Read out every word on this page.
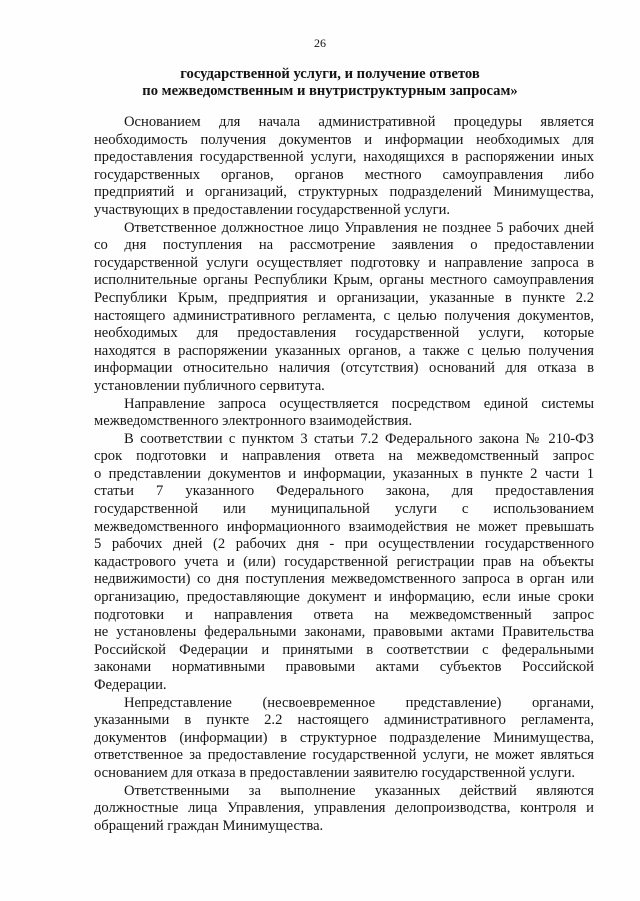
26
государственной услуги, и получение ответов
по межведомственным и внутриструктурным запросам»
Основанием для начала административной процедуры является
необходимость получения документов и информации необходимых для
предоставления государственной услуги, находящихся в распоряжении иных
государственных органов, органов местного самоуправления либо
предприятий и организаций, структурных подразделений Минимущества,
участвующих в предоставлении государственной услуги.
Ответственное должностное лицо Управления не позднее 5 рабочих дней
со дня поступления на рассмотрение заявления о предоставлении
государственной услуги осуществляет подготовку и направление запроса в
исполнительные органы Республики Крым, органы местного самоуправления
Республики Крым, предприятия и организации, указанные в пункте 2.2
настоящего административного регламента, с целью получения документов,
необходимых для предоставления государственной услуги, которые
находятся в распоряжении указанных органов, а также с целью получения
информации относительно наличия (отсутствия) оснований для отказа в
установлении публичного сервитута.
Направление запроса осуществляется посредством единой системы
межведомственного электронного взаимодействия.
В соответствии с пунктом 3 статьи 7.2 Федерального закона № 210-ФЗ
срок подготовки и направления ответа на межведомственный запрос
о представлении документов и информации, указанных в пункте 2 части 1
статьи 7 указанного Федерального закона, для предоставления
государственной или муниципальной услуги с использованием
межведомственного информационного взаимодействия не может превышать
5 рабочих дней (2 рабочих дня - при осуществлении государственного
кадастрового учета и (или) государственной регистрации прав на объекты
недвижимости) со дня поступления межведомственного запроса в орган или
организацию, предоставляющие документ и информацию, если иные сроки
подготовки и направления ответа на межведомственный запрос
не установлены федеральными законами, правовыми актами Правительства
Российской Федерации и принятыми в соответствии с федеральными
законами нормативными правовыми актами субъектов Российской
Федерации.
Непредставление (несвоевременное представление) органами,
указанными в пункте 2.2 настоящего административного регламента,
документов (информации) в структурное подразделение Минимущества,
ответственное за предоставление государственной услуги, не может являться
основанием для отказа в предоставлении заявителю государственной услуги.
Ответственными за выполнение указанных действий являются
должностные лица Управления, управления делопроизводства, контроля и
обращений граждан Минимущества.
